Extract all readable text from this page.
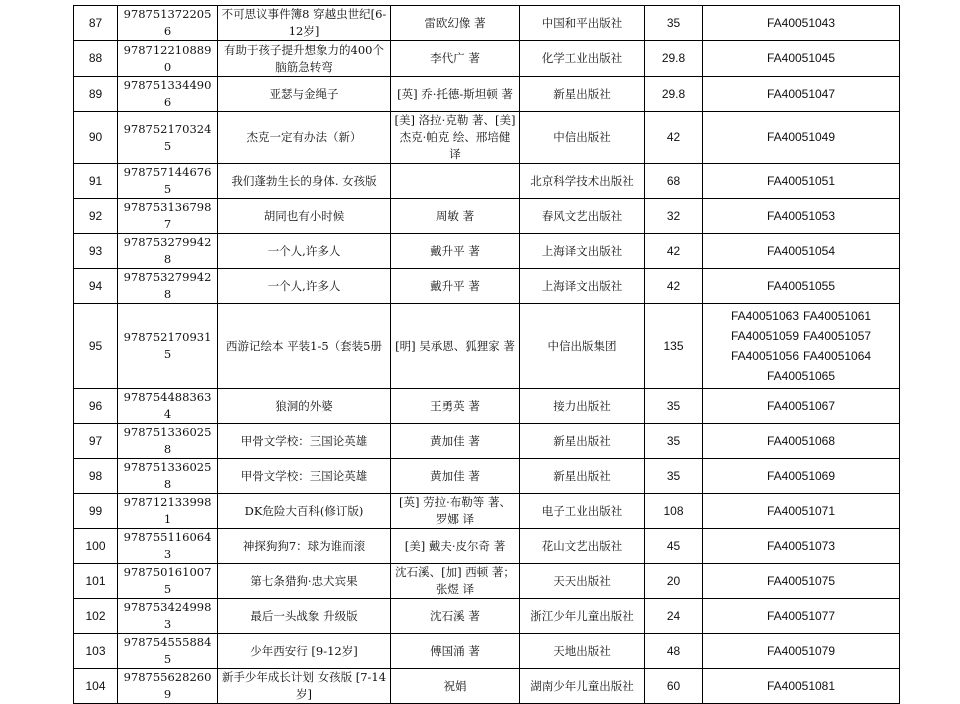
87	9787513722056	不可思议事件簿8 穿越虫世纪[6-12岁]	雷欧幻像 著	中国和平出版社	35	FA40051043
88	9787122108890	有助于孩子提升想象力的400个脑筋急转弯	李代广 著	化学工业出版社	29.8	FA40051045
89	9787513344906	亚瑟与金绳子	[英] 乔·托德-斯坦顿 著	新星出版社	29.8	FA40051047
90	9787521703245	杰克一定有办法（新）	[美] 洛拉·克勒 著、[美] 杰克·帕克 绘、邢培健 译	中信出版社	42	FA40051049
91	9787571446765	我们蓬勃生长的身体. 女孩版		北京科学技术出版社	68	FA40051051
92	9787531367987	胡同也有小时候	周敏 著	春风文艺出版社	32	FA40051053
93	9787532799428	一个人,许多人	戴升平 著	上海译文出版社	42	FA40051054
94	9787532799428	一个人,许多人	戴升平 著	上海译文出版社	42	FA40051055
95	9787521709315	西游记绘本 平装1-5（套装5册	[明] 吴承恩、狐狸家 著	中信出版集团	135	FA40051063 FA40051061FA40051059 FA40051057FA40051056 FA40051064FA40051065
96	9787544883634	狼洞的外婆	王勇英 著	接力出版社	35	FA40051067
97	9787513360258	甲骨文学校：三国论英雄	黄加佳 著	新星出版社	35	FA40051068
98	9787513360258	甲骨文学校：三国论英雄	黄加佳 著	新星出版社	35	FA40051069
99	9787121339981	DK危险大百科(修订版)	[英] 劳拉·布勒等 著、罗娜 译	电子工业出版社	108	FA40051071
100	9787551160643	神探狗狗7：球为谁而滚	[美] 戴夫·皮尔奇 著	花山文艺出版社	45	FA40051073
101	9787501610075	第七条猎狗·忠犬宾果	沈石溪、[加] 西顿 著；张煜 译	天天出版社	20	FA40051075
102	9787534249983	最后一头战象 升级版	沈石溪 著	浙江少年儿童出版社	24	FA40051077
103	9787545558845	少年西安行 [9-12岁]	傅国涌 著	天地出版社	48	FA40051079
104	9787556282609	新手少年成长计划 女孩版 [7-14岁]	祝娟	湖南少年儿童出版社	60	FA40051081
